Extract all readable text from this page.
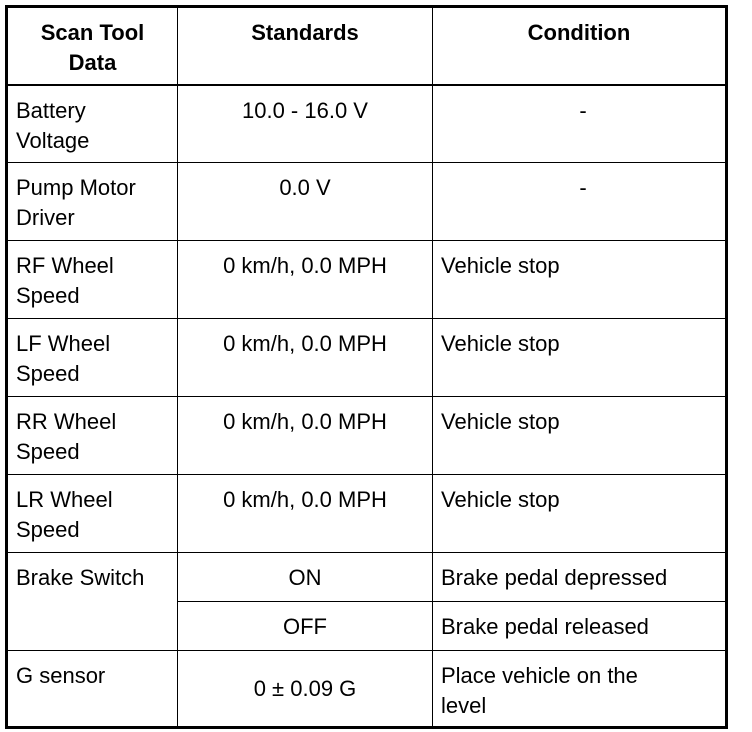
Scan Tool
Data	Standards	Condition
Battery
Voltage	10.0 - 16.0 V	-
Pump Motor
Driver	0.0 V	-
RF Wheel
Speed	0 km/h, 0.0 MPH	Vehicle stop
LF Wheel
Speed	0 km/h, 0.0 MPH	Vehicle stop
RR Wheel
Speed	0 km/h, 0.0 MPH	Vehicle stop
LR Wheel
Speed	0 km/h, 0.0 MPH	Vehicle stop
Brake Switch	ON	Brake pedal depressed
	OFF	Brake pedal released
G sensor	0 ± 0.09 G	Place vehicle on the
level
